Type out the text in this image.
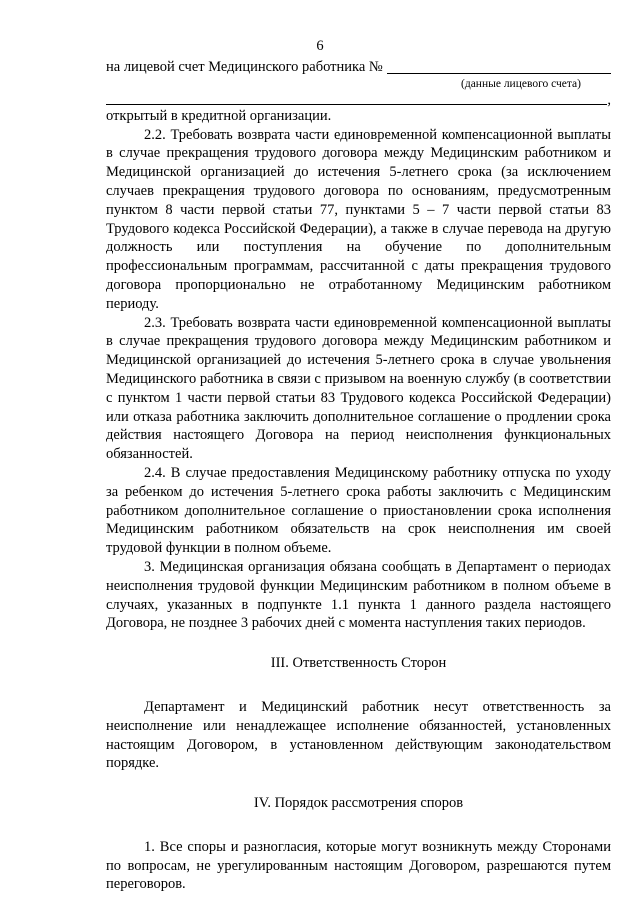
6
на лицевой счет Медицинского работника №
(данные лицевого счета)
,

открытый в кредитной организации.

2.2. Требовать возврата части единовременной компенсационной выплаты в случае прекращения трудового договора между Медицинским работником и Медицинской организацией до истечения 5-летнего срока (за исключением случаев прекращения трудового договора по основаниям, предусмотренным пунктом 8 части первой статьи 77, пунктами 5 – 7 части первой статьи 83 Трудового кодекса Российской Федерации), а также в случае перевода на другую должность или поступления на обучение по дополнительным профессиональным программам, рассчитанной с даты прекращения трудового договора пропорционально не отработанному Медицинским работником периоду.

2.3. Требовать возврата части единовременной компенсационной выплаты в случае прекращения трудового договора между Медицинским работником и Медицинской организацией до истечения 5-летнего срока в случае увольнения Медицинского работника в связи с призывом на военную службу (в соответствии с пунктом 1 части первой статьи 83 Трудового кодекса Российской Федерации) или отказа работника заключить дополнительное соглашение о продлении срока действия настоящего Договора на период неисполнения функциональных обязанностей.

2.4. В случае предоставления Медицинскому работнику отпуска по уходу за ребенком до истечения 5-летнего срока работы заключить с Медицинским работником дополнительное соглашение о приостановлении срока исполнения Медицинским работником обязательств на срок неисполнения им своей трудовой функции в полном объеме.

3. Медицинская организация обязана сообщать в Департамент о периодах неисполнения трудовой функции Медицинским работником в полном объеме в случаях, указанных в подпункте 1.1 пункта 1 данного раздела настоящего Договора, не позднее 3 рабочих дней с момента наступления таких периодов.

III. Ответственность Сторон

Департамент и Медицинский работник несут ответственность за неисполнение или ненадлежащее исполнение обязанностей, установленных настоящим Договором, в установленном действующим законодательством порядке.

IV. Порядок рассмотрения споров

1. Все споры и разногласия, которые могут возникнуть между Сторонами по вопросам, не урегулированным настоящим Договором, разрешаются путем переговоров.
